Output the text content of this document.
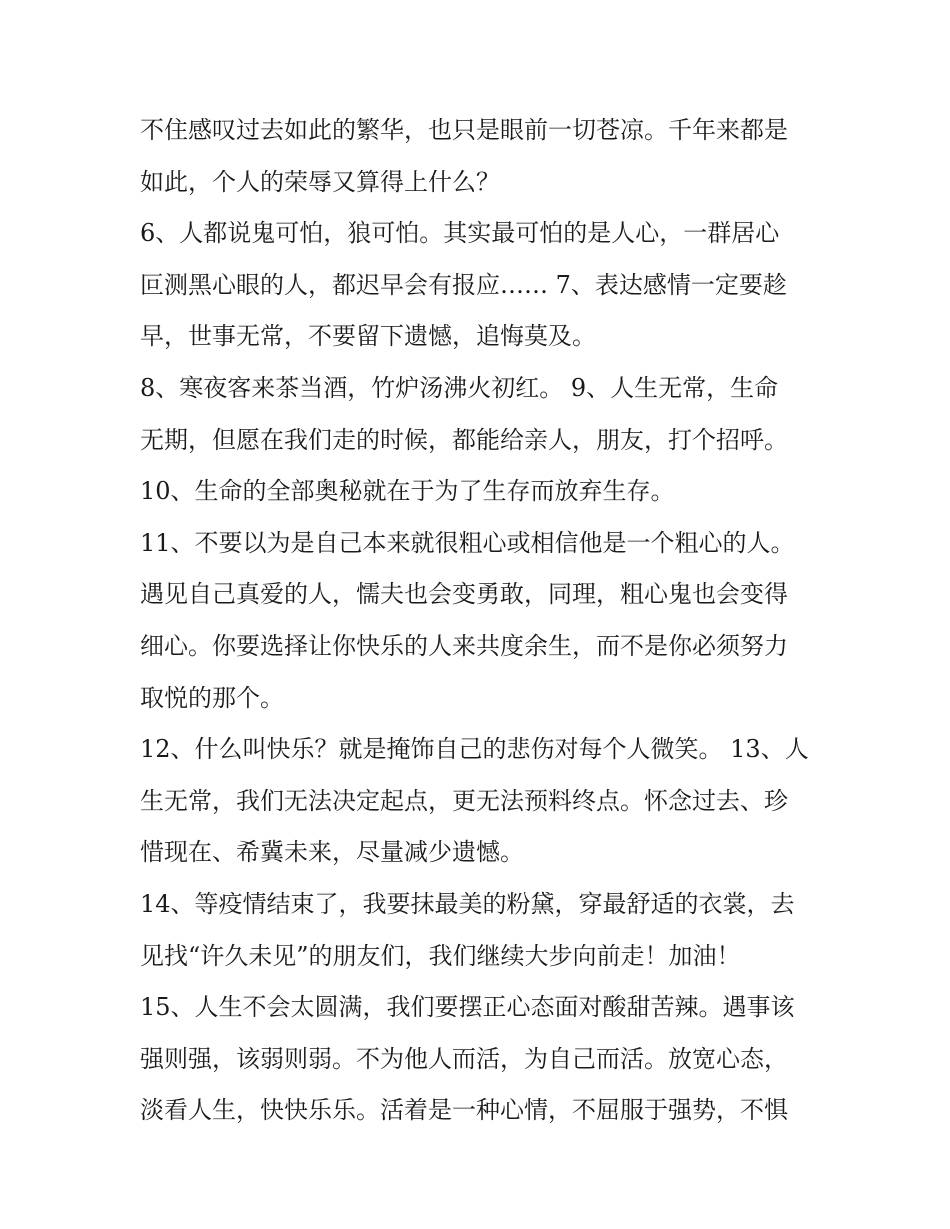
不住感叹过去如此的繁华，也只是眼前一切苍凉。千年来都是
如此，个人的荣辱又算得上什么？
6、人都说鬼可怕，狼可怕。其实最可怕的是人心，一群居心
叵测黑心眼的人，都迟早会有报应…… 7、表达感情一定要趁
早，世事无常，不要留下遗憾，追悔莫及。
8、寒夜客来茶当酒，竹炉汤沸火初红。 9、人生无常，生命
无期，但愿在我们走的时候，都能给亲人，朋友，打个招呼。
10、生命的全部奥秘就在于为了生存而放弃生存。
11、不要以为是自己本来就很粗心或相信他是一个粗心的人。
遇见自己真爱的人，懦夫也会变勇敢，同理，粗心鬼也会变得
细心。你要选择让你快乐的人来共度余生，而不是你必须努力
取悦的那个。
12、什么叫快乐？就是掩饰自己的悲伤对每个人微笑。 13、人
生无常，我们无法决定起点，更无法预料终点。怀念过去、珍
惜现在、希冀未来，尽量减少遗憾。
14、等疫情结束了，我要抹最美的粉黛，穿最舒适的衣裳，去
见找“许久未见”的朋友们，我们继续大步向前走！加油！
15、人生不会太圆满，我们要摆正心态面对酸甜苦辣。遇事该
强则强，该弱则弱。不为他人而活，为自己而活。放宽心态，
淡看人生，快快乐乐。活着是一种心情，不屈服于强势，不惧
